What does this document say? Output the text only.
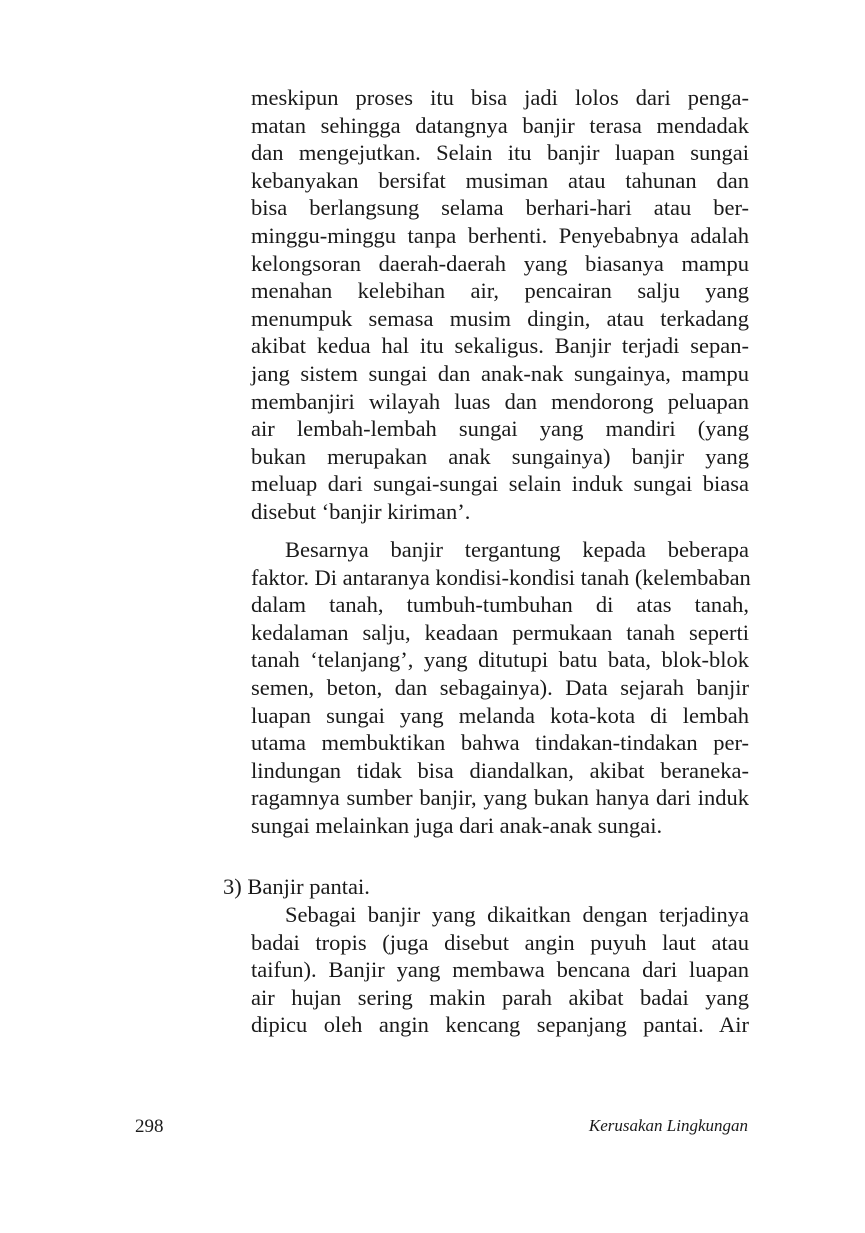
meskipun proses itu bisa jadi lolos dari penga-
matan sehingga datangnya banjir terasa mendadak
dan mengejutkan. Selain itu banjir luapan sungai
kebanyakan bersifat musiman atau tahunan dan
bisa berlangsung selama berhari-hari atau ber-
minggu-minggu tanpa berhenti. Penyebabnya adalah
kelongsoran daerah-daerah yang biasanya mampu
menahan kelebihan air, pencairan salju yang
menumpuk semasa musim dingin, atau terkadang
akibat kedua hal itu sekaligus. Banjir terjadi sepan-
jang sistem sungai dan anak-nak sungainya, mampu
membanjiri wilayah luas dan mendorong peluapan
air lembah-lembah sungai yang mandiri (yang
bukan merupakan anak sungainya) banjir yang
meluap dari sungai-sungai selain induk sungai biasa
disebut ‘banjir kiriman’.
Besarnya banjir tergantung kepada beberapa
faktor. Di antaranya kondisi-kondisi tanah (kelembaban
dalam tanah, tumbuh-tumbuhan di atas tanah,
kedalaman salju, keadaan permukaan tanah seperti
tanah ‘telanjang’, yang ditutupi batu bata, blok-blok
semen, beton, dan sebagainya). Data sejarah banjir
luapan sungai yang melanda kota-kota di lembah
utama membuktikan bahwa tindakan-tindakan per-
lindungan tidak bisa diandalkan, akibat beraneka-
ragamnya sumber banjir, yang bukan hanya dari induk
sungai melainkan juga dari anak-anak sungai.
3) Banjir pantai.
Sebagai banjir yang dikaitkan dengan terjadinya
badai tropis (juga disebut angin puyuh laut atau
taifun). Banjir yang membawa bencana dari luapan
air hujan sering makin parah akibat badai yang
dipicu oleh angin kencang sepanjang pantai. Air
298	Kerusakan Lingkungan
